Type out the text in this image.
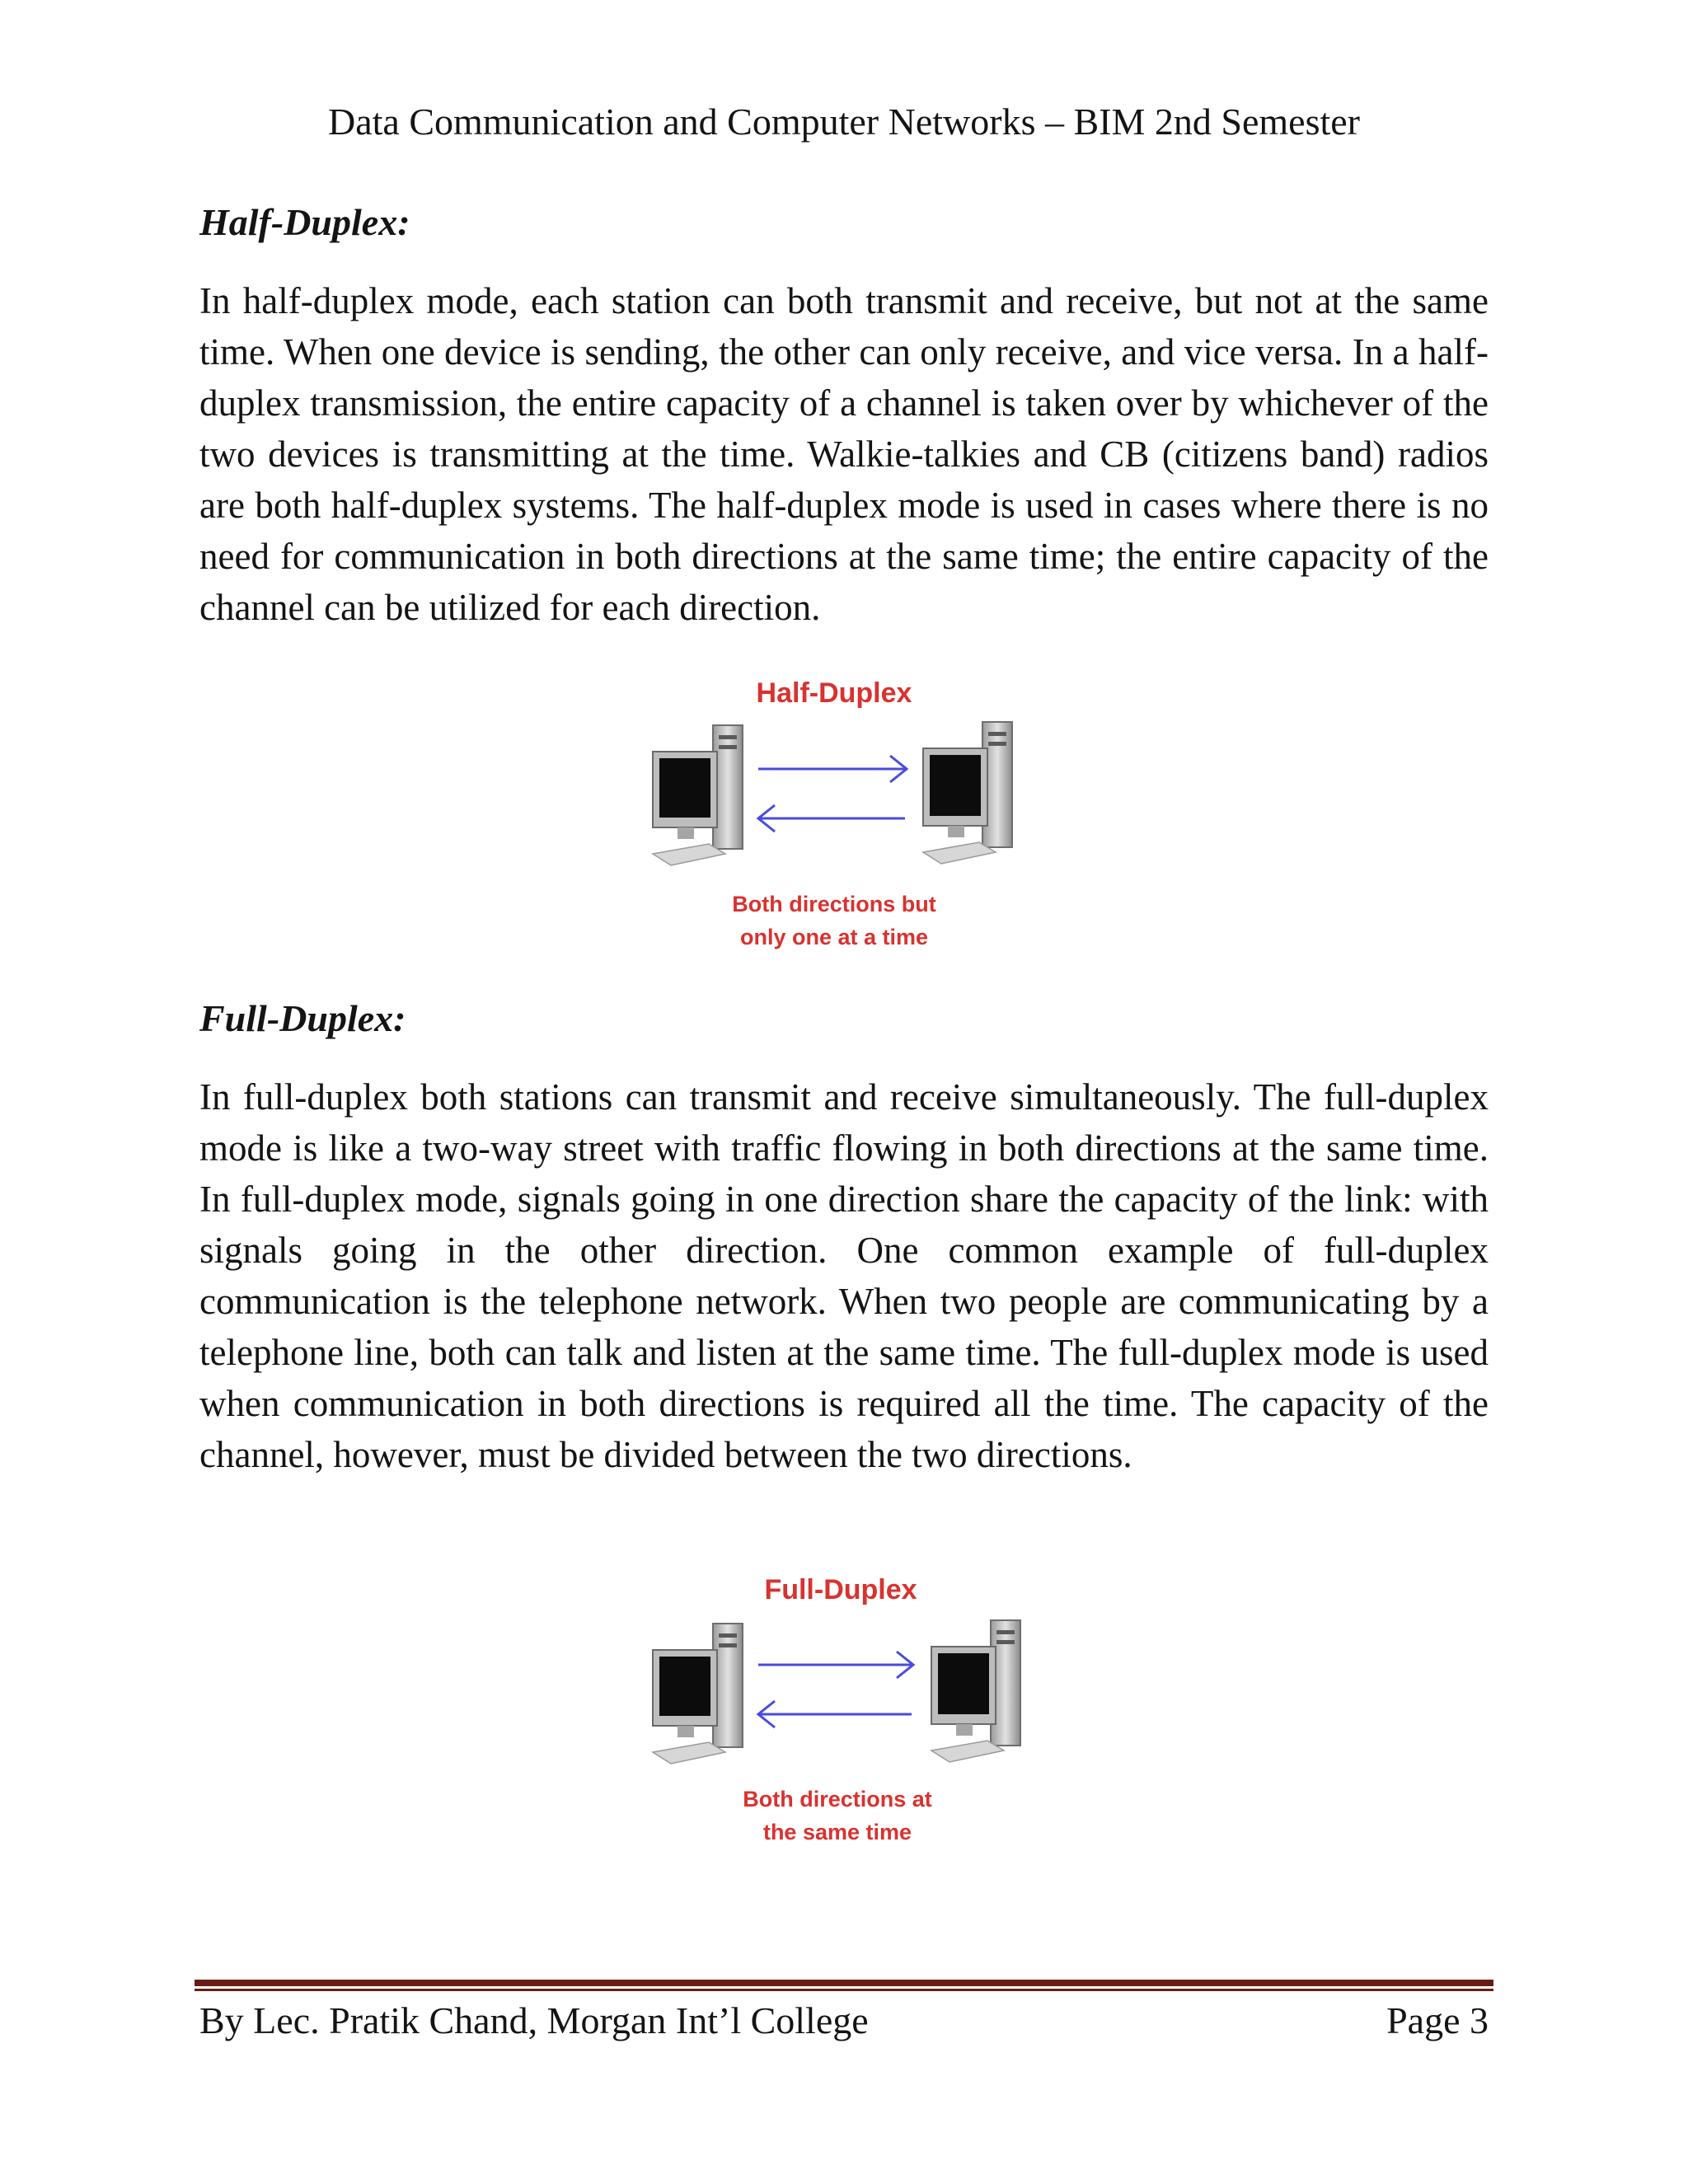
Data Communication and Computer Networks – BIM 2nd Semester
Half-Duplex:

In half-duplex mode, each station can both transmit and receive, but not at the same time. When one device is sending, the other can only receive, and vice versa. In a half-duplex transmission, the entire capacity of a channel is taken over by whichever of the two devices is transmitting at the time. Walkie-talkies and CB (citizens band) radios are both half-duplex systems. The half-duplex mode is used in cases where there is no need for communication in both directions at the same time; the entire capacity of the channel can be utilized for each direction.

Half-Duplex
Both directions but
only one at a time
Full-Duplex:

In full-duplex both stations can transmit and receive simultaneously. The full-duplex mode is like a two-way street with traffic flowing in both directions at the same time. In full-duplex mode, signals going in one direction share the capacity of the link: with signals going in the other direction. One common example of full-duplex communication is the telephone network. When two people are communicating by a telephone line, both can talk and listen at the same time. The full-duplex mode is used when communication in both directions is required all the time. The capacity of the channel, however, must be divided between the two directions.

Full-Duplex
Both directions at
the same time
By Lec. Pratik Chand, Morgan Int’l College	Page 3
